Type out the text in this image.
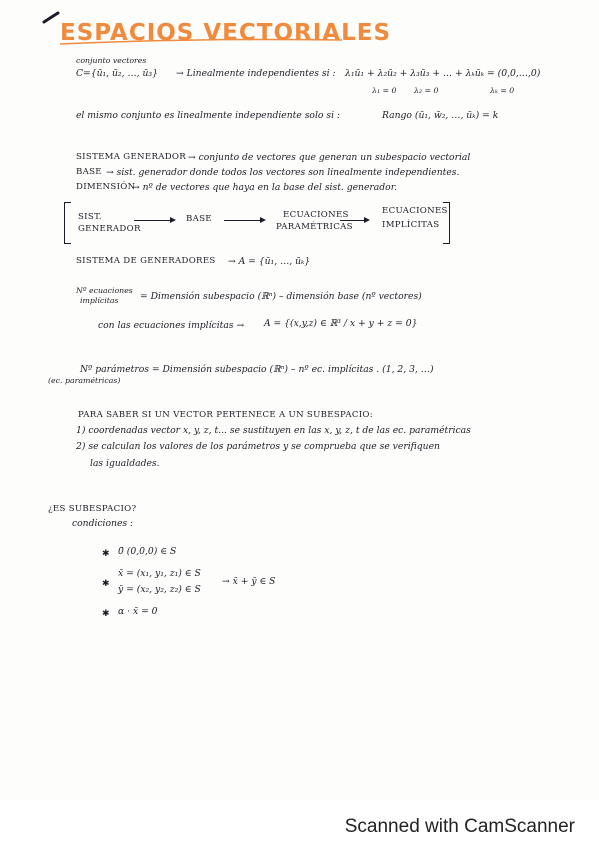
ESPACIOS VECTORIALES
conjunto vectores
C={ū₁, ū₂, …, ū₃} → Linealmente independientes si : λ₁ū₁ + λ₂ū₂ + λ₃ū₃ + … + λₖūₖ = (0,0,…,0)
λ₁ = 0 λ₂ = 0	λₖ = 0
el mismo conjunto es linealmente independiente solo si :	Rango (ū₁, w̄₂, …, ūₖ) = k
SISTEMA GENERADOR → conjunto de vectores que generan un subespacio vectorial
BASE → sist. generador donde todos los vectores son linealmente independientes.
DIMENSIÓN
→ nº de vectores que haya en la base del sist. generador.
SIST.
GENERADOR
BASE	ECUACIONES
PARAMÉTRICAS
ECUACIONES
IMPLÍCITAS
SISTEMA DE GENERADORES → A = {ū₁, …, ūₖ}
Nº ecuaciones
implícitas = Dimensión subespacio (ℝⁿ) – dimensión base (nº vectores)
con las ecuaciones implícitas → A = {(x,y,z) ∈ ℝ³ / x + y + z = 0}
Nº parámetros = Dimensión subespacio (ℝⁿ) – nº ec. implícitas . (1, 2, 3, …)
(ec. paramétricas)
PARA SABER SI UN VECTOR PERTENECE A UN SUBESPACIO:
1) coordenadas vector x, y, z, t... se sustituyen en las x, y, z, t de las ec. paramétricas
2) se calculan los valores de los parámetros y se comprueba que se verifiquen
las igualdades.
¿ES SUBESPACIO?
condiciones :
✱ 0̄ (0,0,0) ∈ S
✱
x̄ = (x₁, y₁, z₁) ∈ S
ȳ = (x₂, y₂, z₂) ∈ S
→ x̄ + ȳ ∈ S
✱ α · x̄ = 0
Scanned with CamScanner
